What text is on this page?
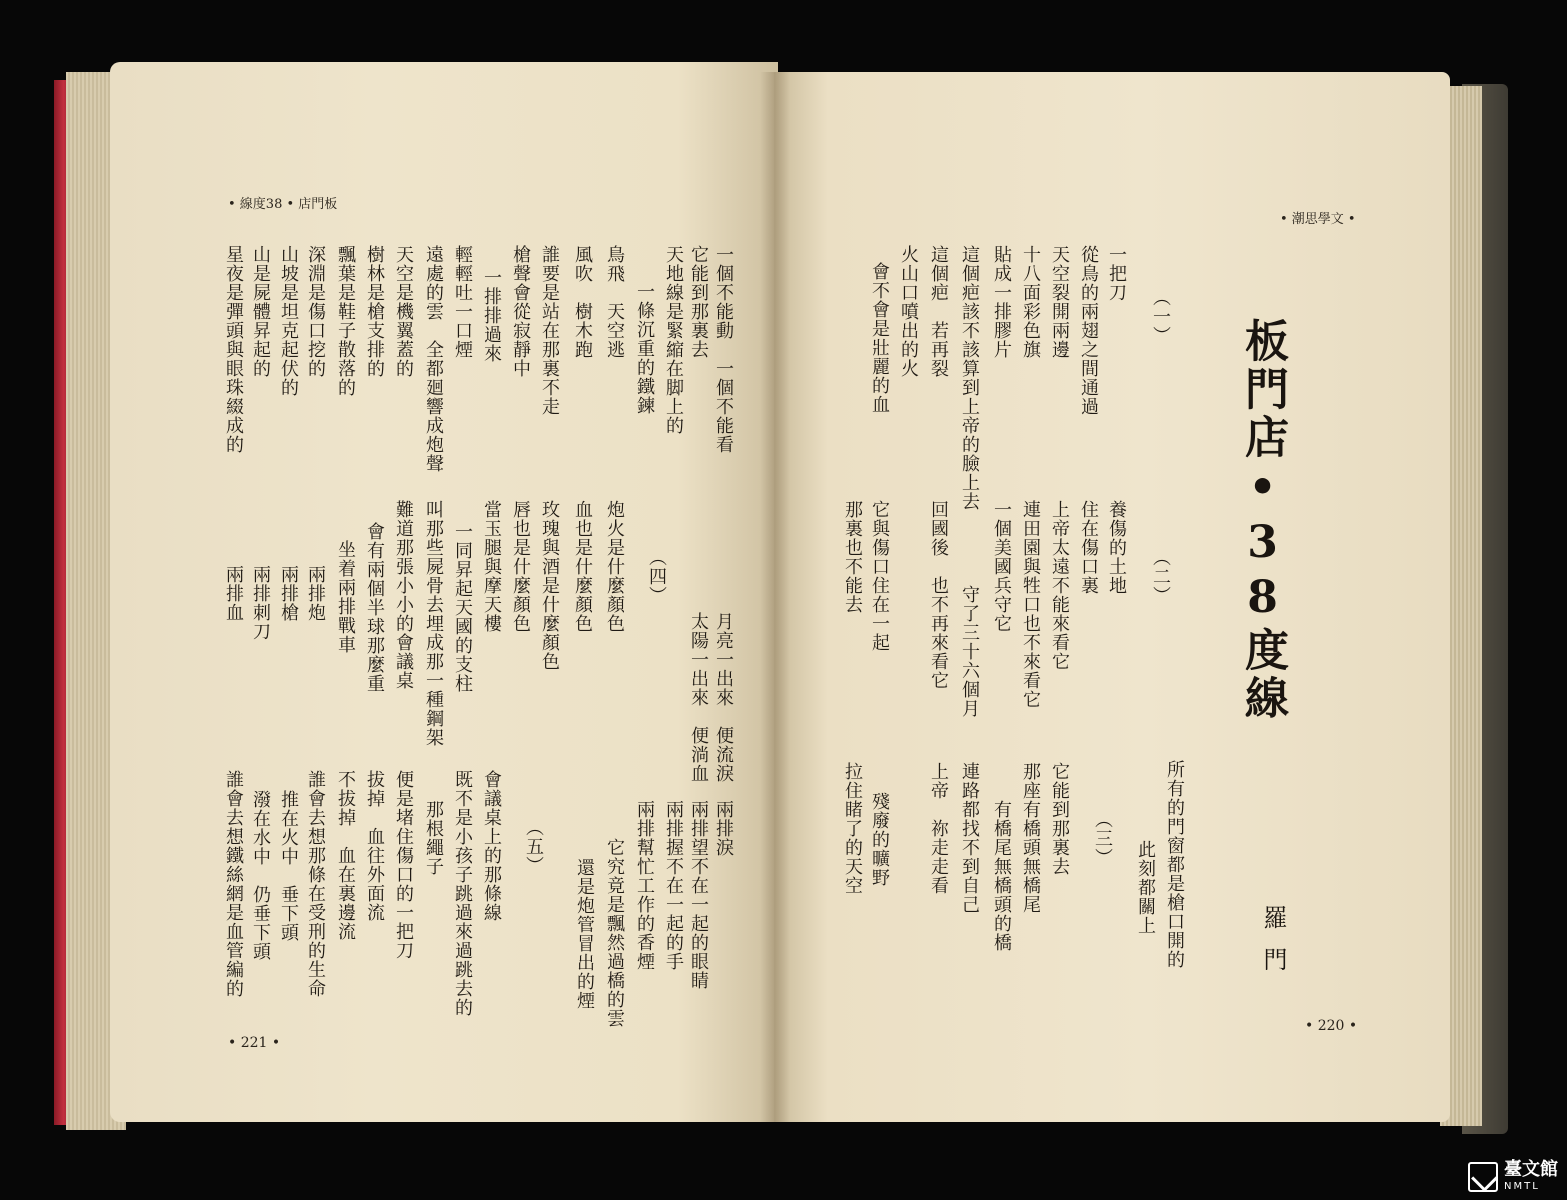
• 線度38 • 店門板
• 221 •
一個不能動　一個不能看
它能到那裏去
天地線是緊縮在脚上的
一條沉重的鐵鍊
鳥飛　天空逃
風吹　樹木跑
誰要是站在那裏不走
槍聲會從寂靜中
一排排過來
輕輕吐一口煙
遠處的雲　全都廻響成炮聲
天空是機翼蓋的
樹林是槍支排的
飄葉是鞋子散落的
深淵是傷口挖的
山坡是坦克起伏的
山是屍體昇起的
星夜是彈頭與眼珠綴成的
月亮一出來　便流淚
太陽一出來　便淌血
（四）
炮火是什麼顏色
血也是什麼顏色
玫瑰與酒是什麼顏色
唇也是什麼顏色
當玉腿與摩天樓
一同昇起天國的支柱
叫那些屍骨去埋成那一種鋼架
難道那張小小的會議桌
會有兩個半球那麼重
坐着兩排戰車
兩排炮
兩排槍
兩排刺刀
兩排血
兩排淚
兩排望不在一起的眼睛
兩排握不在一起的手
兩排幫忙工作的香煙
它究竟是飄然過橋的雲
還是炮管冒出的煙
（五）
會議桌上的那條線
既不是小孩子跳過來過跳去的
那根繩子
便是堵住傷口的一把刀
拔掉　血往外面流
不拔掉　血在裏邊流
誰會去想那條在受刑的生命
推在火中　垂下頭
潑在水中　仍垂下頭
誰會去想鐵絲網是血管編的
• 潮思學文 •
• 220 •
板門店•38度線
羅門
（一）
一把刀
從鳥的兩翅之間通過
天空裂開兩邊
十八面彩色旗
貼成一排膠片
這個疤該不該算到上帝的臉上去
這個疤　若再裂
火山口噴出的火
會不會是壯麗的血
（二）
養傷的土地
住在傷口裏
上帝太遠不能來看它
連田園與牲口也不來看它
一個美國兵守它
守了三十六個月
回國後　也不再來看它
它與傷口住在一起
那裏也不能去
所有的門窗都是槍口開的
此刻都關上
（三）
它能到那裏去
那座有橋頭無橋尾
有橋尾無橋頭的橋
連路都找不到自己
上帝　祢走走看
殘廢的曠野
拉住睹了的天空
臺文館
NMTL
